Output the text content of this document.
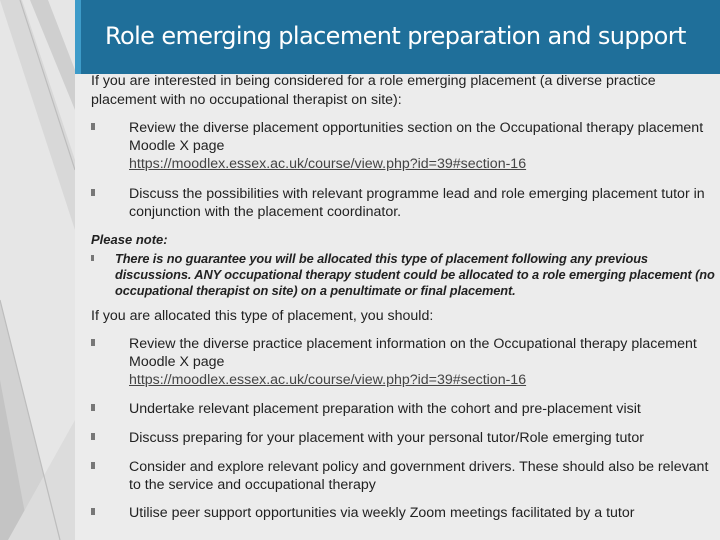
Role emerging placement preparation and support

If you are interested in being considered for a role emerging placement (a diverse practice placement with no occupational therapist on site):

Review the diverse placement opportunities section on the Occupational therapy placement Moodle X page
https://moodlex.essex.ac.uk/course/view.php?id=39#section-16
Discuss the possibilities with relevant programme lead and role emerging placement tutor in conjunction with the placement coordinator.

Please note:

There is no guarantee you will be allocated this type of placement following any previous discussions. ANY occupational therapy student could be allocated to a role emerging placement (no occupational therapist on site) on a penultimate or final placement.

If you are allocated this type of placement, you should:

Review the diverse practice placement information on the Occupational therapy placement Moodle X page
https://moodlex.essex.ac.uk/course/view.php?id=39#section-16
Undertake relevant placement preparation with the cohort and pre-placement visit
Discuss preparing for your placement with your personal tutor/Role emerging tutor
Consider and explore relevant policy and government drivers. These should also be relevant to the service and occupational therapy
Utilise peer support opportunities via weekly Zoom meetings facilitated by a tutor
